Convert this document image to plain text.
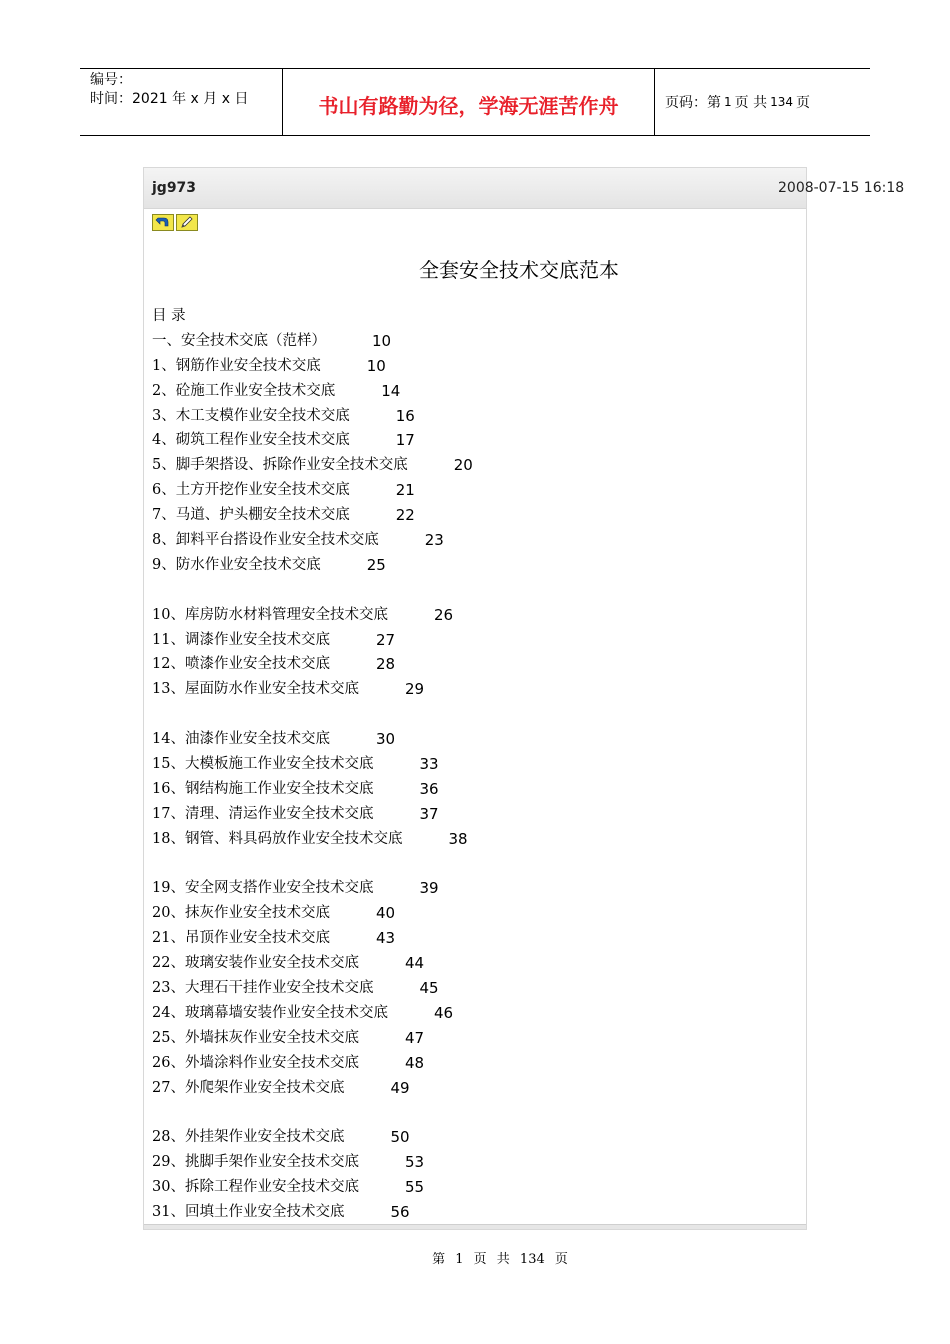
编号：
时间：2021 年 x 月 x 日	书山有路勤为径，学海无涯苦作舟	页码：第 1 页 共 134 页
jg973
全套安全技术交底范本
目 录
一、安全技术交底（范样）	10
1、钢筋作业安全技术交底	10
2、砼施工作业安全技术交底	14
3、木工支模作业安全技术交底	16
4、砌筑工程作业安全技术交底	17
5、脚手架搭设、拆除作业安全技术交底	20
6、土方开挖作业安全技术交底	21
7、马道、护头棚安全技术交底	22
8、卸料平台搭设作业安全技术交底	23
9、防水作业安全技术交底	25
10、库房防水材料管理安全技术交底	26
11、调漆作业安全技术交底	27
12、喷漆作业安全技术交底	28
13、屋面防水作业安全技术交底	29
14、油漆作业安全技术交底	30
15、大模板施工作业安全技术交底	33
16、钢结构施工作业安全技术交底	36
17、清理、清运作业安全技术交底	37
18、钢管、料具码放作业安全技术交底	38
19、安全网支搭作业安全技术交底	39
20、抹灰作业安全技术交底	40
21、吊顶作业安全技术交底	43
22、玻璃安装作业安全技术交底	44
23、大理石干挂作业安全技术交底	45
24、玻璃幕墙安装作业安全技术交底	46
25、外墙抹灰作业安全技术交底	47
26、外墙涂料作业安全技术交底	48
27、外爬架作业安全技术交底	49
28、外挂架作业安全技术交底	50
29、挑脚手架作业安全技术交底	53
30、拆除工程作业安全技术交底	55
31、回填土作业安全技术交底	56
2008-07-15 16:18
第 1 页 共 134 页
